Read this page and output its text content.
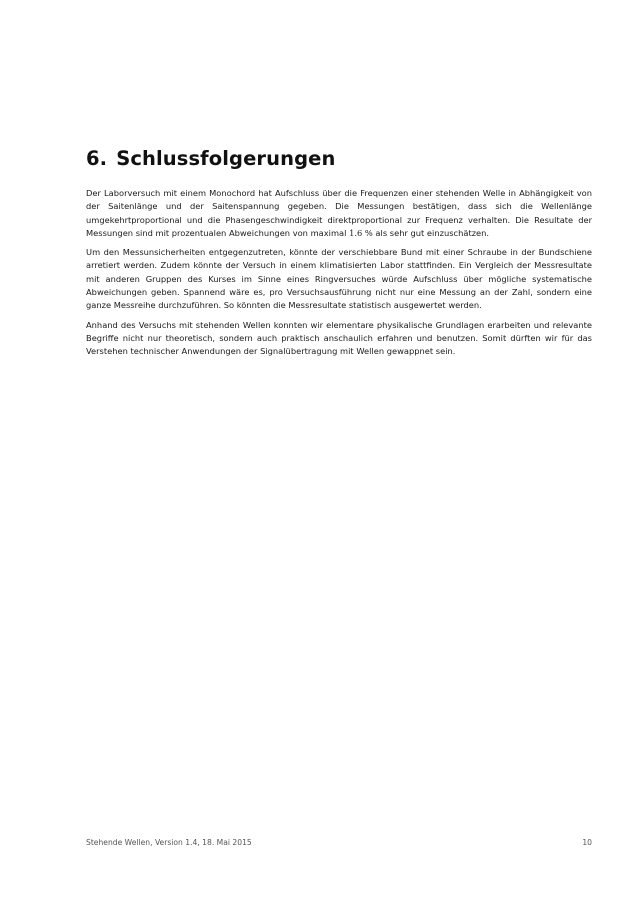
6. Schlussfolgerungen

Der Laborversuch mit einem Monochord hat Aufschluss über die Frequenzen einer stehenden Welle in Abhängigkeit von der Saitenlänge und der Saitenspannung gegeben. Die Messungen bestätigen, dass sich die Wellenlänge umgekehrtproportional und die Phasengeschwindigkeit direktproportional zur Frequenz verhalten. Die Resultate der Messungen sind mit prozentualen Abweichungen von maximal 1.6 % als sehr gut einzuschätzen.

Um den Messunsicherheiten entgegenzutreten, könnte der verschiebbare Bund mit einer Schraube in der Bundschiene arretiert werden. Zudem könnte der Versuch in einem klimatisierten Labor stattfinden. Ein Vergleich der Messresultate mit anderen Gruppen des Kurses im Sinne eines Ringversuches würde Aufschluss über mögliche systematische Abweichungen geben. Spannend wäre es, pro Versuchsausführung nicht nur eine Messung an der Zahl, sondern eine ganze Messreihe durchzuführen. So könnten die Messresultate statistisch ausgewertet werden.

Anhand des Versuchs mit stehenden Wellen konnten wir elementare physikalische Grundlagen erarbeiten und relevante Begriffe nicht nur theoretisch, sondern auch praktisch anschaulich erfahren und benutzen. Somit dürften wir für das Verstehen technischer Anwendungen der Signalübertragung mit Wellen gewappnet sein.

Stehende Wellen, Version 1.4, 18. Mai 2015	10
